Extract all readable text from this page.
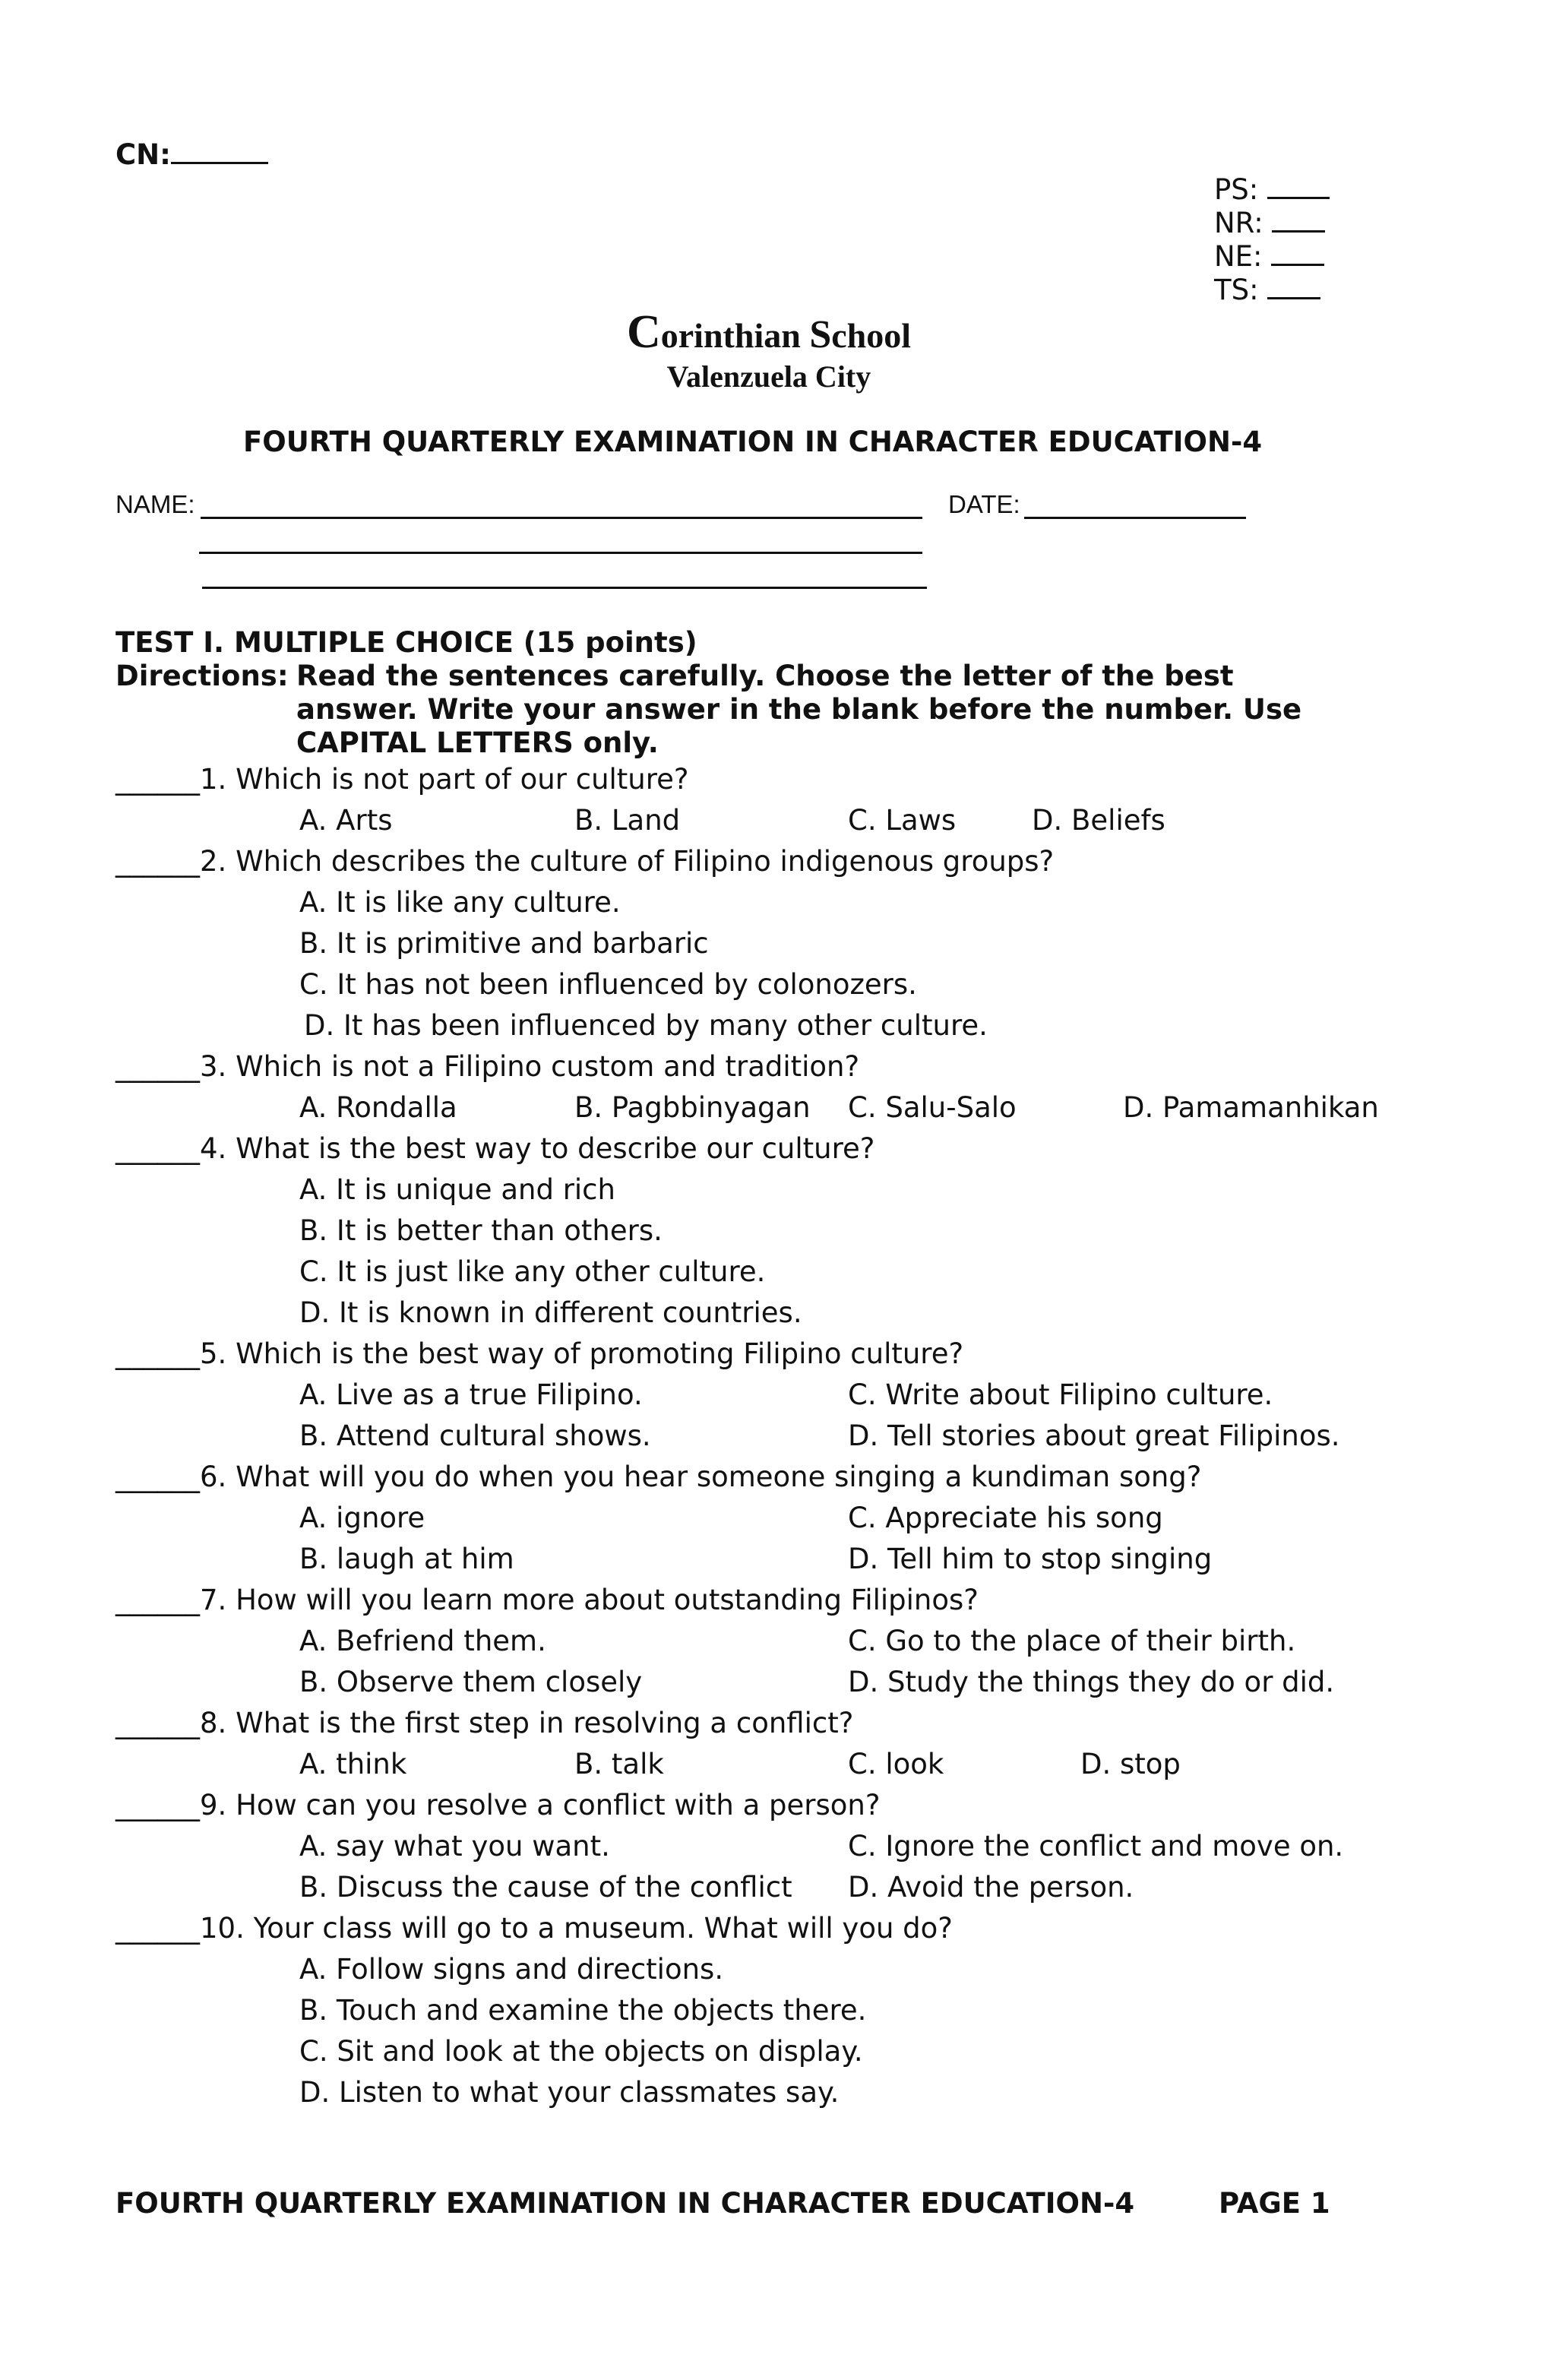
CN:
PS:
NR:
NE:
TS:
Corinthian School
Valenzuela City
FOURTH QUARTERLY EXAMINATION IN CHARACTER EDUCATION-4
NAME:	DATE:
TEST I. MULTIPLE CHOICE (15 points)
Directions: Read the sentences carefully. Choose the letter of the best
answer. Write your answer in the blank before the number. Use
CAPITAL LETTERS only.
______1. Which is not part of our culture?
A. Arts	B. Land	C. Laws	D. Beliefs
______2. Which describes the culture of Filipino indigenous groups?
A. It is like any culture.
B. It is primitive and barbaric
C. It has not been influenced by colonozers.
D. It has been influenced by many other culture.
______3. Which is not a Filipino custom and tradition?
A. Rondalla	B. Pagbbinyagan C. Salu-Salo	D. Pamamanhikan
______4. What is the best way to describe our culture?
A. It is unique and rich
B. It is better than others.
C. It is just like any other culture.
D. It is known in different countries.
______5. Which is the best way of promoting Filipino culture?
A. Live as a true Filipino.	C. Write about Filipino culture.
B. Attend cultural shows.	D. Tell stories about great Filipinos.
______6. What will you do when you hear someone singing a kundiman song?
A. ignore	C. Appreciate his song
B. laugh at him	D. Tell him to stop singing
______7. How will you learn more about outstanding Filipinos?
A. Befriend them.	C. Go to the place of their birth.
B. Observe them closely	D. Study the things they do or did.
______8. What is the first step in resolving a conflict?
A. think	B. talk	C. look	D. stop
______9. How can you resolve a conflict with a person?
A. say what you want.	C. Ignore the conflict and move on.
B. Discuss the cause of the conflict D. Avoid the person.
______10. Your class will go to a museum. What will you do?
A. Follow signs and directions.
B. Touch and examine the objects there.
C. Sit and look at the objects on display.
D. Listen to what your classmates say.
FOURTH QUARTERLY EXAMINATION IN CHARACTER EDUCATION-4	PAGE 1
